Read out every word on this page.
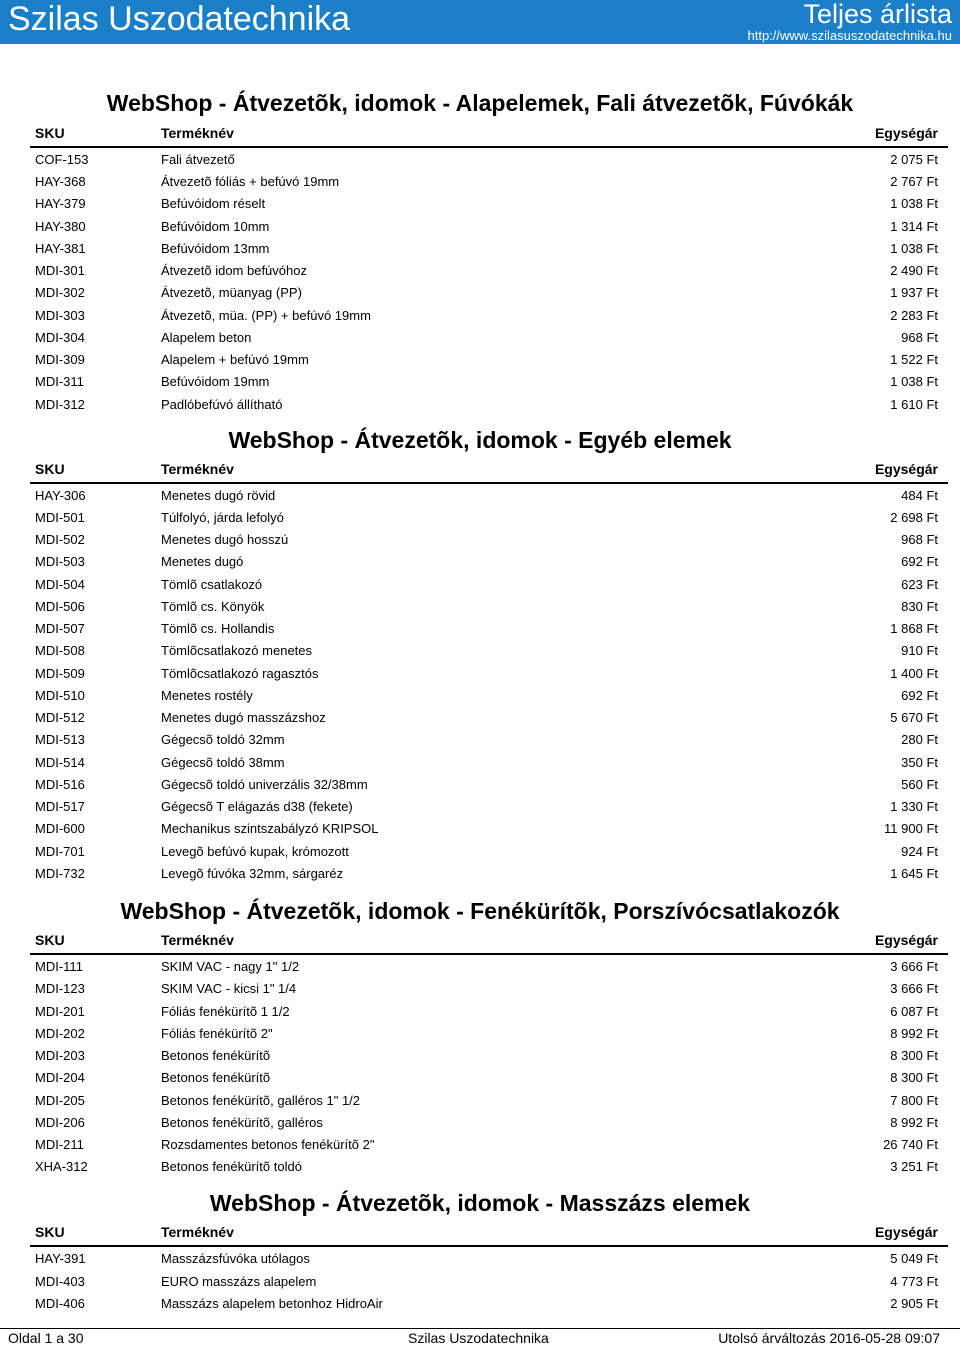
Szilas Uszodatechnika	Teljes árlista
http://www.szilasuszodatechnika.hu
WebShop - Átvezetõk, idomok - Alapelemek, Fali átvezetõk, Fúvókák
SKU	Terméknév	Egységár
COF-153	Fali átvezető	2 075 Ft
HAY-368	Átvezetõ fóliás + befúvó 19mm	2 767 Ft
HAY-379	Befúvóidom réselt	1 038 Ft
HAY-380	Befúvóidom 10mm	1 314 Ft
HAY-381	Befúvóidom 13mm	1 038 Ft
MDI-301	Átvezetõ idom befúvóhoz	2 490 Ft
MDI-302	Átvezetõ, müanyag (PP)	1 937 Ft
MDI-303	Átvezetõ, müa. (PP) + befúvó 19mm	2 283 Ft
MDI-304	Alapelem beton	968 Ft
MDI-309	Alapelem + befúvó 19mm	1 522 Ft
MDI-311	Befúvóidom 19mm	1 038 Ft
MDI-312	Padlóbefúvó állítható	1 610 Ft
WebShop - Átvezetõk, idomok - Egyéb elemek
SKU	Terméknév	Egységár
HAY-306	Menetes dugó rövid	484 Ft
MDI-501	Túlfolyó, járda lefolyó	2 698 Ft
MDI-502	Menetes dugó hosszú	968 Ft
MDI-503	Menetes dugó	692 Ft
MDI-504	Tömlõ csatlakozó	623 Ft
MDI-506	Tömlõ cs. Könyök	830 Ft
MDI-507	Tömlõ cs. Hollandis	1 868 Ft
MDI-508	Tömlõcsatlakozó menetes	910 Ft
MDI-509	Tömlõcsatlakozó ragasztós	1 400 Ft
MDI-510	Menetes rostély	692 Ft
MDI-512	Menetes dugó masszázshoz	5 670 Ft
MDI-513	Gégecsõ toldó 32mm	280 Ft
MDI-514	Gégecsõ toldó 38mm	350 Ft
MDI-516	Gégecsõ toldó univerzális 32/38mm	560 Ft
MDI-517	Gégecsõ T elágazás d38 (fekete)	1 330 Ft
MDI-600	Mechanikus szintszabályzó KRIPSOL	11 900 Ft
MDI-701	Levegõ befúvó kupak, krómozott	924 Ft
MDI-732	Levegõ fúvóka 32mm, sárgaréz	1 645 Ft
WebShop - Átvezetõk, idomok - Fenékürítõk, Porszívócsatlakozók
SKU	Terméknév	Egységár
MDI-111	SKIM VAC - nagy 1" 1/2	3 666 Ft
MDI-123	SKIM VAC - kicsi 1" 1/4	3 666 Ft
MDI-201	Fóliás fenékürítõ 1 1/2	6 087 Ft
MDI-202	Fóliás fenékürítõ 2"	8 992 Ft
MDI-203	Betonos fenékürítõ	8 300 Ft
MDI-204	Betonos fenékürítõ	8 300 Ft
MDI-205	Betonos fenékürítõ, galléros 1" 1/2	7 800 Ft
MDI-206	Betonos fenékürítõ, galléros	8 992 Ft
MDI-211	Rozsdamentes betonos fenékürítõ 2"	26 740 Ft
XHA-312	Betonos fenékürítõ toldó	3 251 Ft
WebShop - Átvezetõk, idomok - Masszázs elemek
SKU	Terméknév	Egységár
HAY-391	Masszázsfúvóka utólagos	5 049 Ft
MDI-403	EURO masszázs alapelem	4 773 Ft
MDI-406	Masszázs alapelem betonhoz HidroAir	2 905 Ft
Oldal 1 a 30	Szilas Uszodatechnika	Utolsó árváltozás 2016-05-28 09:07
